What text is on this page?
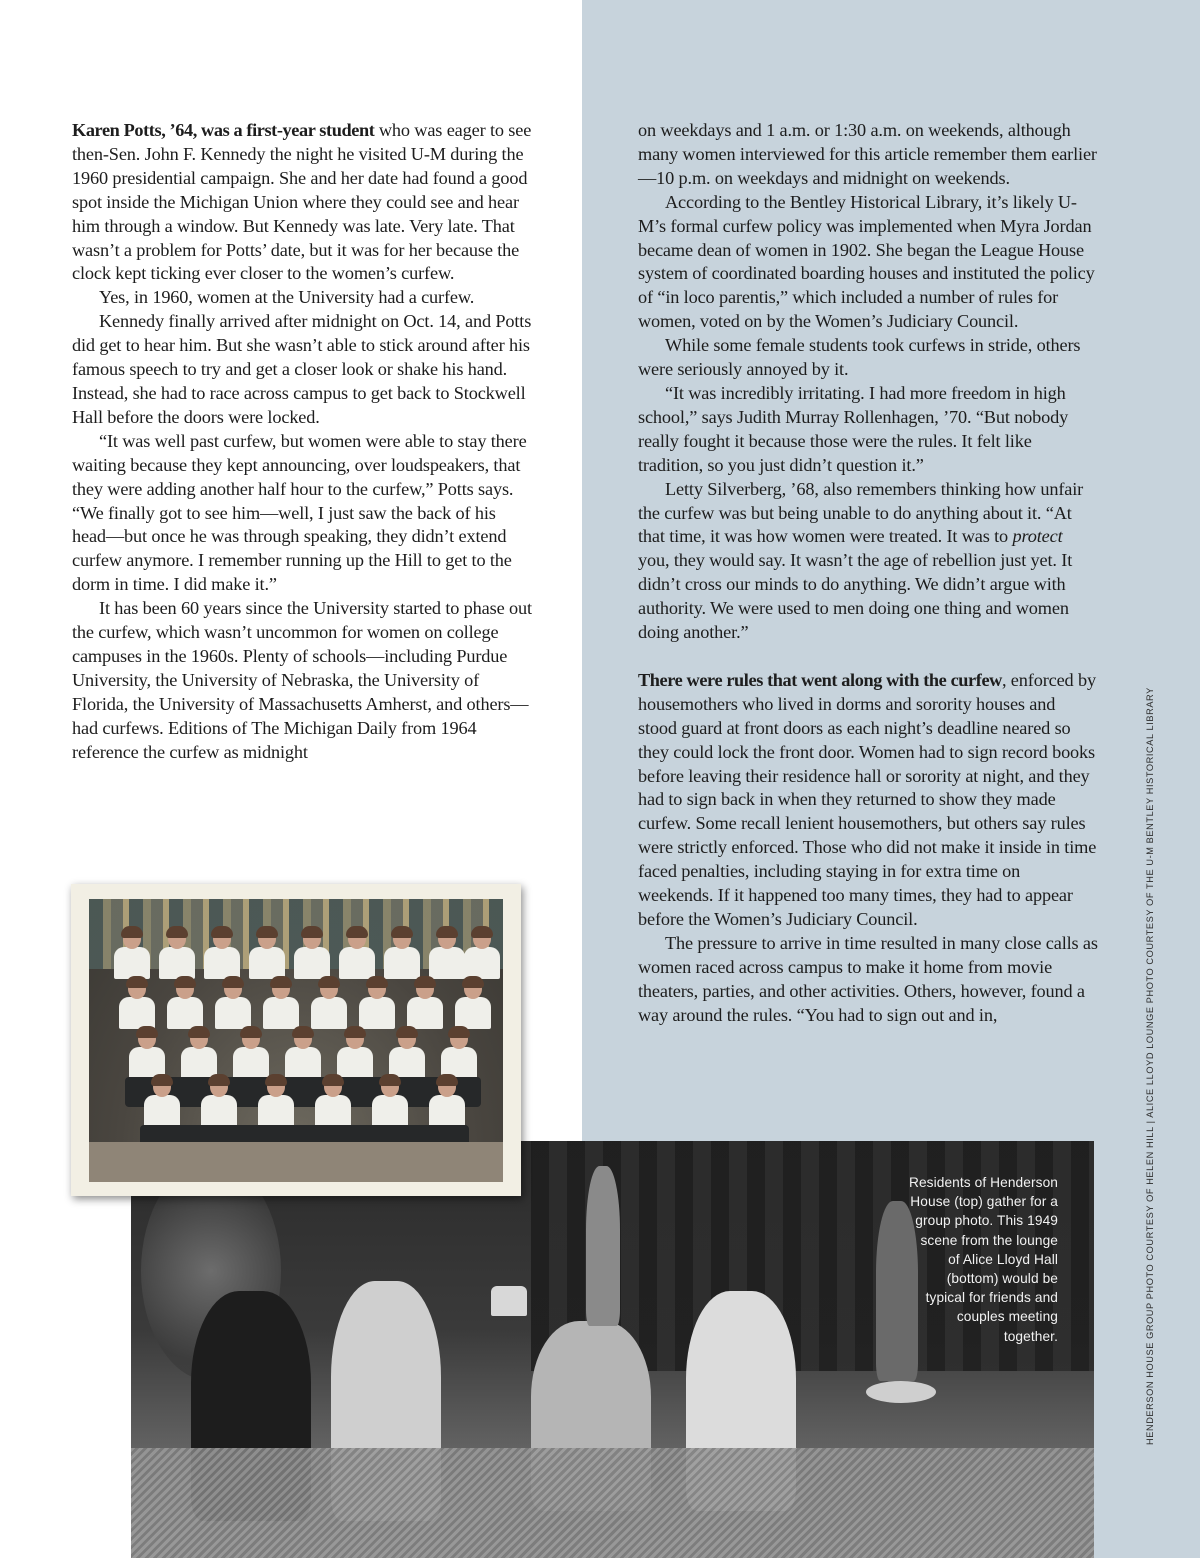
Karen Potts, ’64, was a first-year student who was eager to see then-Sen. John F. Kennedy the night he visited U-M during the 1960 presidential campaign. She and her date had found a good spot inside the Michigan Union where they could see and hear him through a window. But Kennedy was late. Very late. That wasn’t a problem for Potts’ date, but it was for her because the clock kept ticking ever closer to the women’s curfew.

Yes, in 1960, women at the University had a curfew.

Kennedy finally arrived after midnight on Oct. 14, and Potts did get to hear him. But she wasn’t able to stick around after his famous speech to try and get a closer look or shake his hand. Instead, she had to race across campus to get back to Stockwell Hall before the doors were locked.

“It was well past curfew, but women were able to stay there waiting because they kept announcing, over loudspeakers, that they were adding another half hour to the curfew,” Potts says. “We finally got to see him—well, I just saw the back of his head—but once he was through speaking, they didn’t extend curfew anymore. I remember running up the Hill to get to the dorm in time. I did make it.”

It has been 60 years since the University started to phase out the curfew, which wasn’t uncommon for women on college campuses in the 1960s. Plenty of schools—including Purdue University, the University of Nebraska, the University of Florida, the University of Massachusetts Amherst, and others—had curfews. Editions of The Michigan Daily from 1964 reference the curfew as midnight

on weekdays and 1 a.m. or 1:30 a.m. on weekends, although many women interviewed for this article remember them earlier—10 p.m. on weekdays and midnight on weekends.

According to the Bentley Historical Library, it’s likely U-M’s formal curfew policy was implemented when Myra Jordan became dean of women in 1902. She began the League House system of coordinated boarding houses and instituted the policy of “in loco parentis,” which included a number of rules for women, voted on by the Women’s Judiciary Council.

While some female students took curfews in stride, others were seriously annoyed by it.

“It was incredibly irritating. I had more freedom in high school,” says Judith Murray Rollenhagen, ’70. “But nobody really fought it because those were the rules. It felt like tradition, so you just didn’t question it.”

Letty Silverberg, ’68, also remembers thinking how unfair the curfew was but being unable to do anything about it. “At that time, it was how women were treated. It was to protect you, they would say. It wasn’t the age of rebellion just yet. It didn’t cross our minds to do anything. We didn’t argue with authority. We were used to men doing one thing and women doing another.”

There were rules that went along with the curfew, enforced by housemothers who lived in dorms and sorority houses and stood guard at front doors as each night’s deadline neared so they could lock the front door. Women had to sign record books before leaving their residence hall or sorority at night, and they had to sign back in when they returned to show they made curfew. Some recall lenient housemothers, but others say rules were strictly enforced. Those who did not make it inside in time faced penalties, including staying in for extra time on weekends. If it happened too many times, they had to appear before the Women’s Judiciary Council.

The pressure to arrive in time resulted in many close calls as women raced across campus to make it home from movie theaters, parties, and other activities. Others, however, found a way around the rules. “You had to sign out and in,

Residents of Henderson House (top) gather for a group photo. This 1949 scene from the lounge of Alice Lloyd Hall (bottom) would be typical for friends and couples meeting together.	HENDERSON HOUSE GROUP PHOTO COURTESY OF HELEN HILL | ALICE LLOYD LOUNGE PHOTO COURTESY OF THE U-M BENTLEY HISTORICAL LIBRARY
